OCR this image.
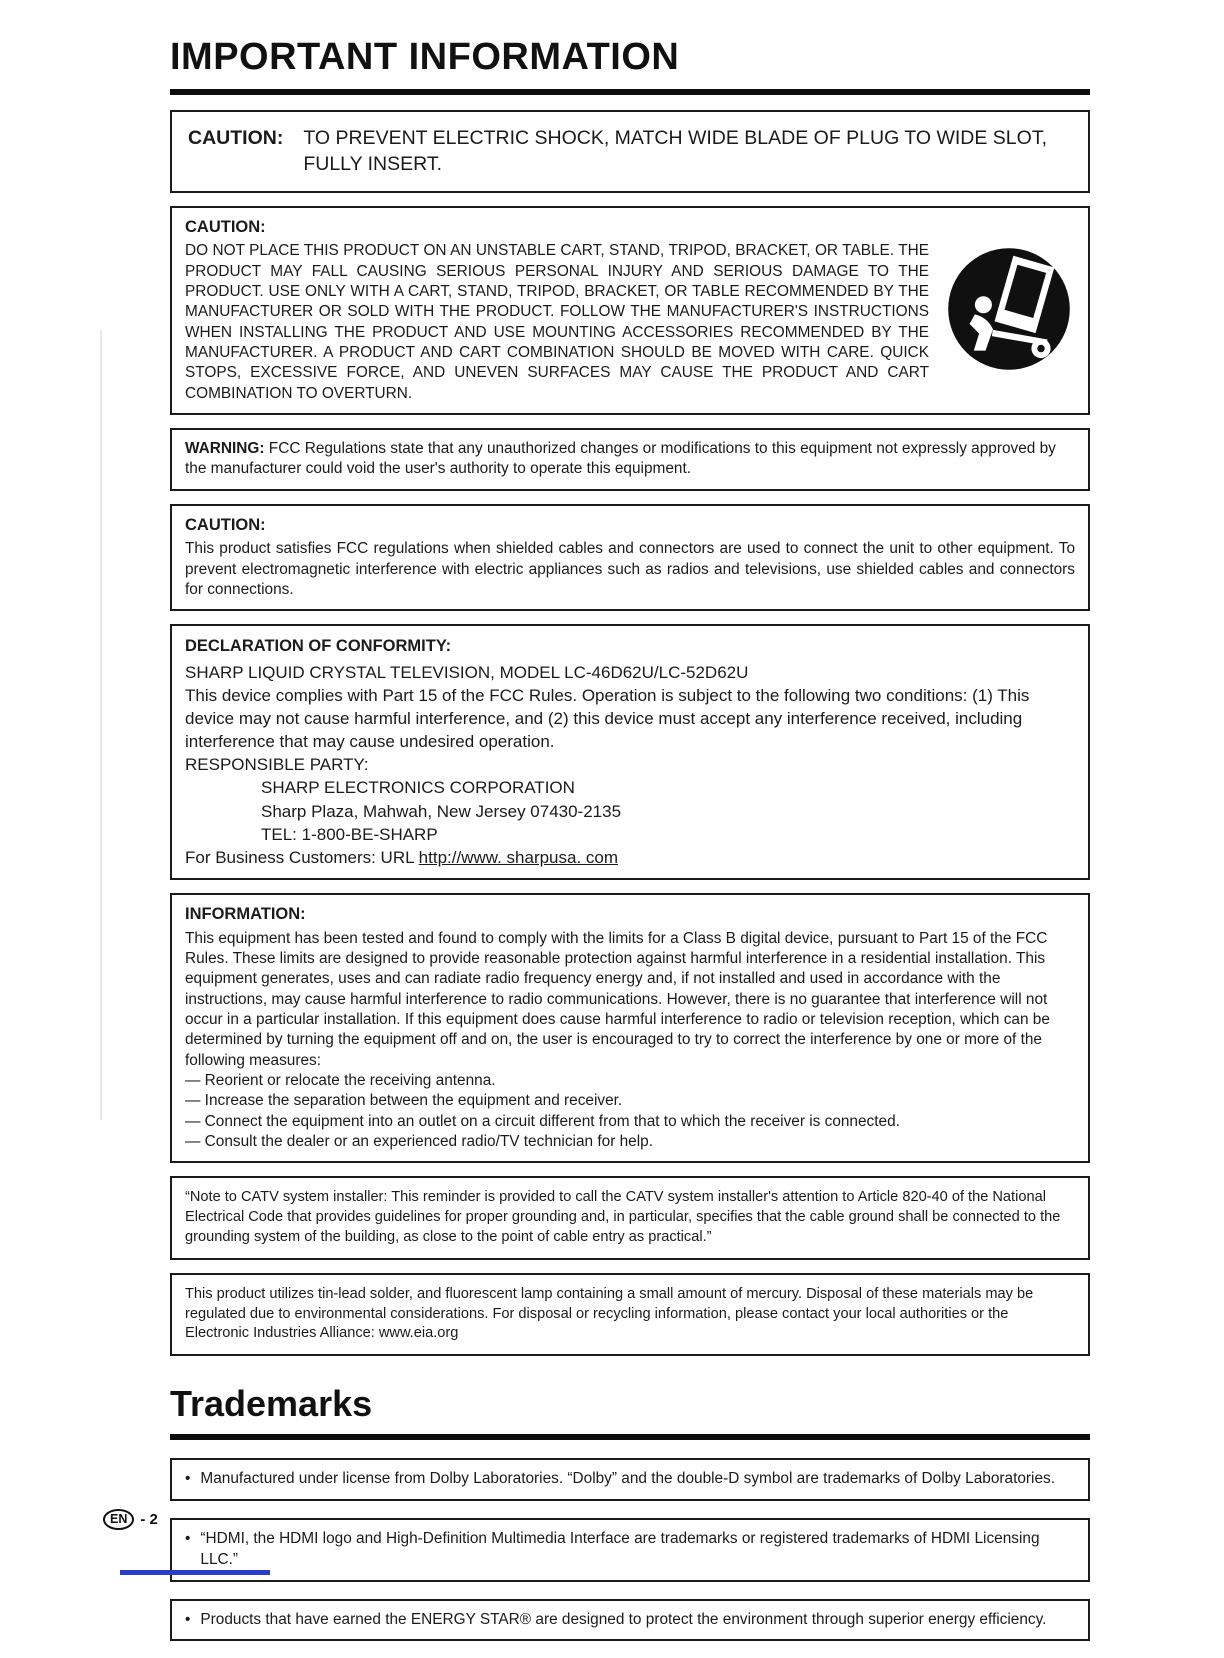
IMPORTANT INFORMATION
CAUTION: TO PREVENT ELECTRIC SHOCK, MATCH WIDE BLADE OF PLUG TO WIDE SLOT, FULLY INSERT.
CAUTION:

DO NOT PLACE THIS PRODUCT ON AN UNSTABLE CART, STAND, TRIPOD, BRACKET, OR TABLE. THE PRODUCT MAY FALL CAUSING SERIOUS PERSONAL INJURY AND SERIOUS DAMAGE TO THE PRODUCT. USE ONLY WITH A CART, STAND, TRIPOD, BRACKET, OR TABLE RECOMMENDED BY THE MANUFACTURER OR SOLD WITH THE PRODUCT. FOLLOW THE MANUFACTURER'S INSTRUCTIONS WHEN INSTALLING THE PRODUCT AND USE MOUNTING ACCESSORIES RECOMMENDED BY THE MANUFACTURER. A PRODUCT AND CART COMBINATION SHOULD BE MOVED WITH CARE. QUICK STOPS, EXCESSIVE FORCE, AND UNEVEN SURFACES MAY CAUSE THE PRODUCT AND CART COMBINATION TO OVERTURN.

WARNING: FCC Regulations state that any unauthorized changes or modifications to this equipment not expressly approved by the manufacturer could void the user's authority to operate this equipment.
CAUTION:

This product satisfies FCC regulations when shielded cables and connectors are used to connect the unit to other equipment. To prevent electromagnetic interference with electric appliances such as radios and televisions, use shielded cables and connectors for connections.

DECLARATION OF CONFORMITY:
SHARP LIQUID CRYSTAL TELEVISION, MODEL LC-46D62U/LC-52D62U
This device complies with Part 15 of the FCC Rules. Operation is subject to the following two conditions: (1) This device may not cause harmful interference, and (2) this device must accept any interference received, including interference that may cause undesired operation.
RESPONSIBLE PARTY:
SHARP ELECTRONICS CORPORATION
Sharp Plaza, Mahwah, New Jersey 07430-2135
TEL: 1-800-BE-SHARP
For Business Customers: URL http://www. sharpusa. com
INFORMATION:

This equipment has been tested and found to comply with the limits for a Class B digital device, pursuant to Part 15 of the FCC Rules. These limits are designed to provide reasonable protection against harmful interference in a residential installation. This equipment generates, uses and can radiate radio frequency energy and, if not installed and used in accordance with the instructions, may cause harmful interference to radio communications. However, there is no guarantee that interference will not occur in a particular installation. If this equipment does cause harmful interference to radio or television reception, which can be determined by turning the equipment off and on, the user is encouraged to try to correct the interference by one or more of the following measures:

— Reorient or relocate the receiving antenna.
— Increase the separation between the equipment and receiver.
— Connect the equipment into an outlet on a circuit different from that to which the receiver is connected.
— Consult the dealer or an experienced radio/TV technician for help.

“Note to CATV system installer: This reminder is provided to call the CATV system installer's attention to Article 820-40 of the National Electrical Code that provides guidelines for proper grounding and, in particular, specifies that the cable ground shall be connected to the grounding system of the building, as close to the point of cable entry as practical.”

This product utilizes tin-lead solder, and fluorescent lamp containing a small amount of mercury. Disposal of these materials may be regulated due to environmental considerations. For disposal or recycling information, please contact your local authorities or the Electronic Industries Alliance: www.eia.org

Trademarks
• Manufactured under license from Dolby Laboratories. “Dolby” and the double-D symbol are trademarks of Dolby Laboratories.
• “HDMI, the HDMI logo and High-Definition Multimedia Interface are trademarks or registered trademarks of HDMI Licensing LLC.”
• Products that have earned the ENERGY STAR® are designed to protect the environment through superior energy efficiency.
EN - 2
